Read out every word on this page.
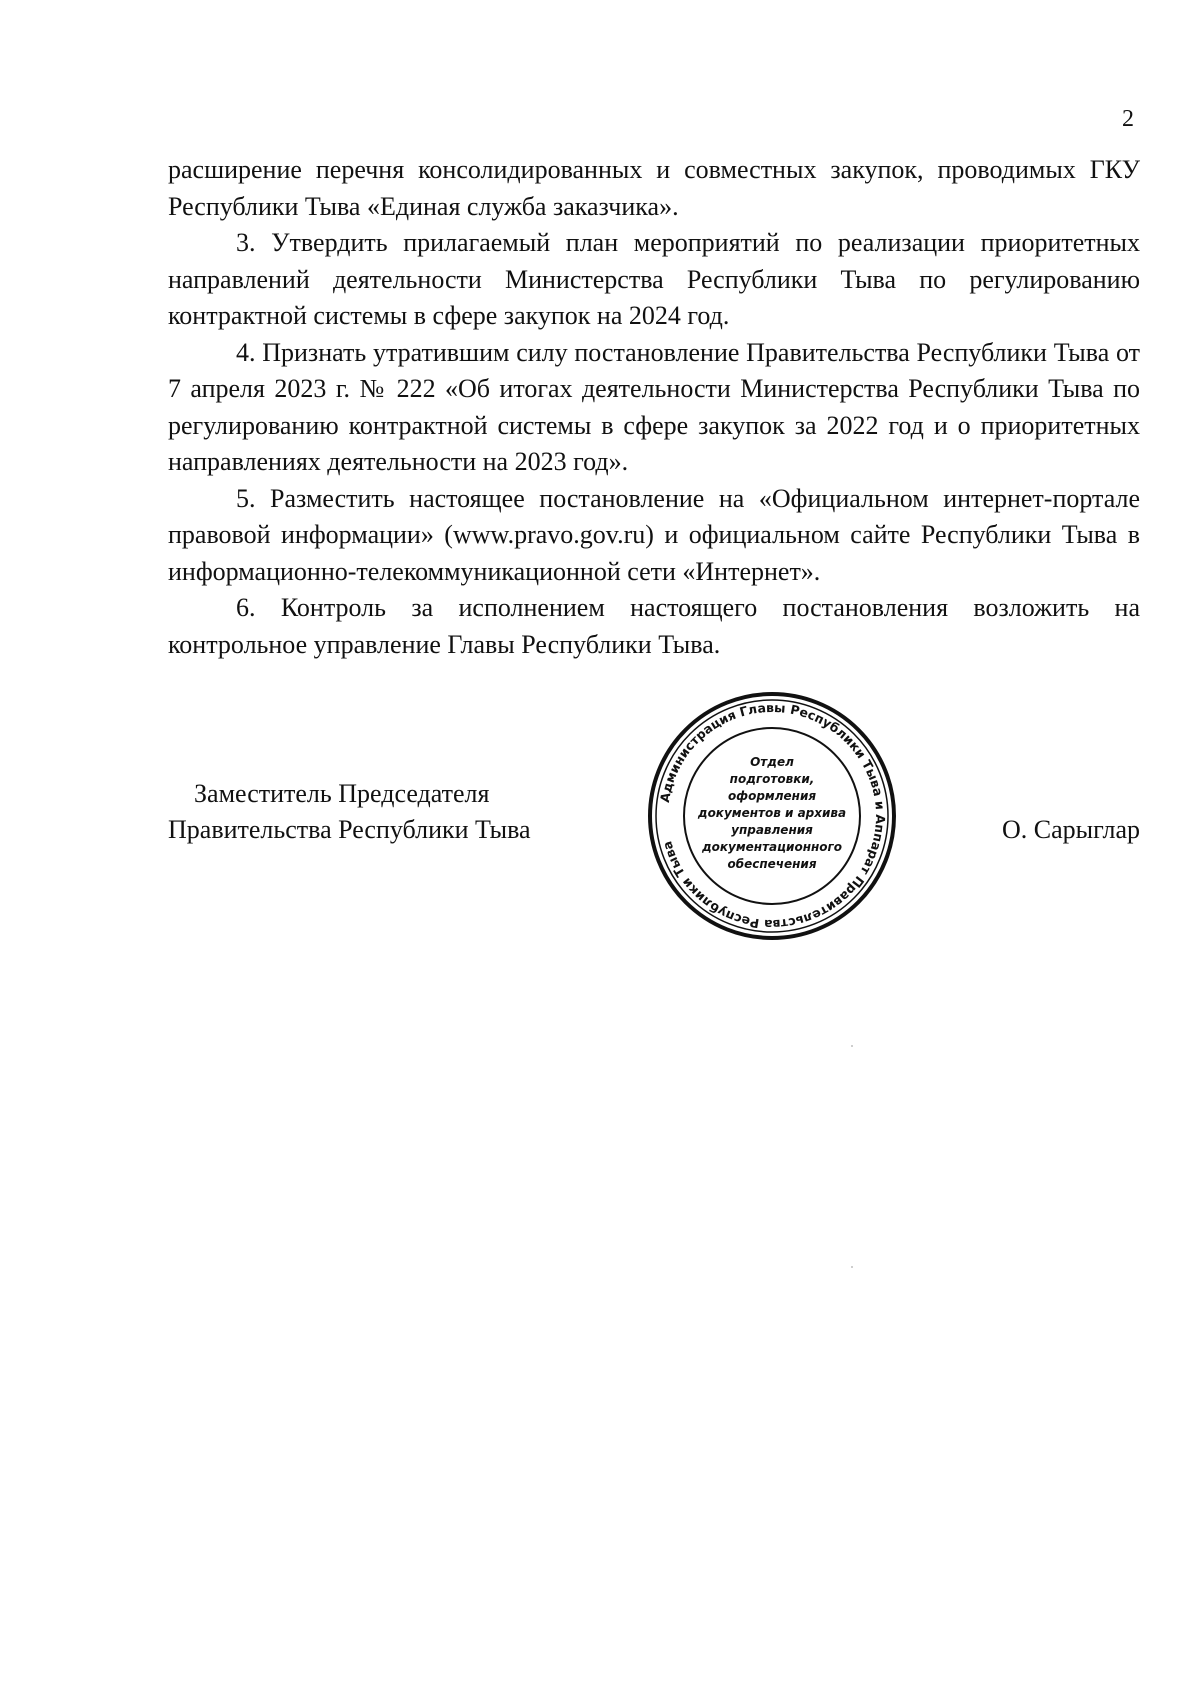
2

расширение перечня консолидированных и совместных закупок, проводимых ГКУ Республики Тыва «Единая служба заказчика».

3. Утвердить прилагаемый план мероприятий по реализации приоритетных направлений деятельности Министерства Республики Тыва по регулированию контрактной системы в сфере закупок на 2024 год.

4. Признать утратившим силу постановление Правительства Республики Тыва от 7 апреля 2023 г. № 222 «Об итогах деятельности Министерства Республики Тыва по регулированию контрактной системы в сфере закупок за 2022 год и о приоритетных направлениях деятельности на 2023 год».

5. Разместить настоящее постановление на «Официальном интернет-портале правовой информации» (www.pravo.gov.ru) и официальном сайте Республики Тыва в информационно-телекоммуникационной сети «Интернет».

6. Контроль за исполнением настоящего постановления возложить на контрольное управление Главы Республики Тыва.

Заместитель Председателя
Правительства Республики Тыва
Администрация Главы Республики Тыва и Аппарат Правительства Республики Тыва
Отдел
подготовки,
оформления
документов и архива
управления
документационного
обеспечения
О. Сарыглар
